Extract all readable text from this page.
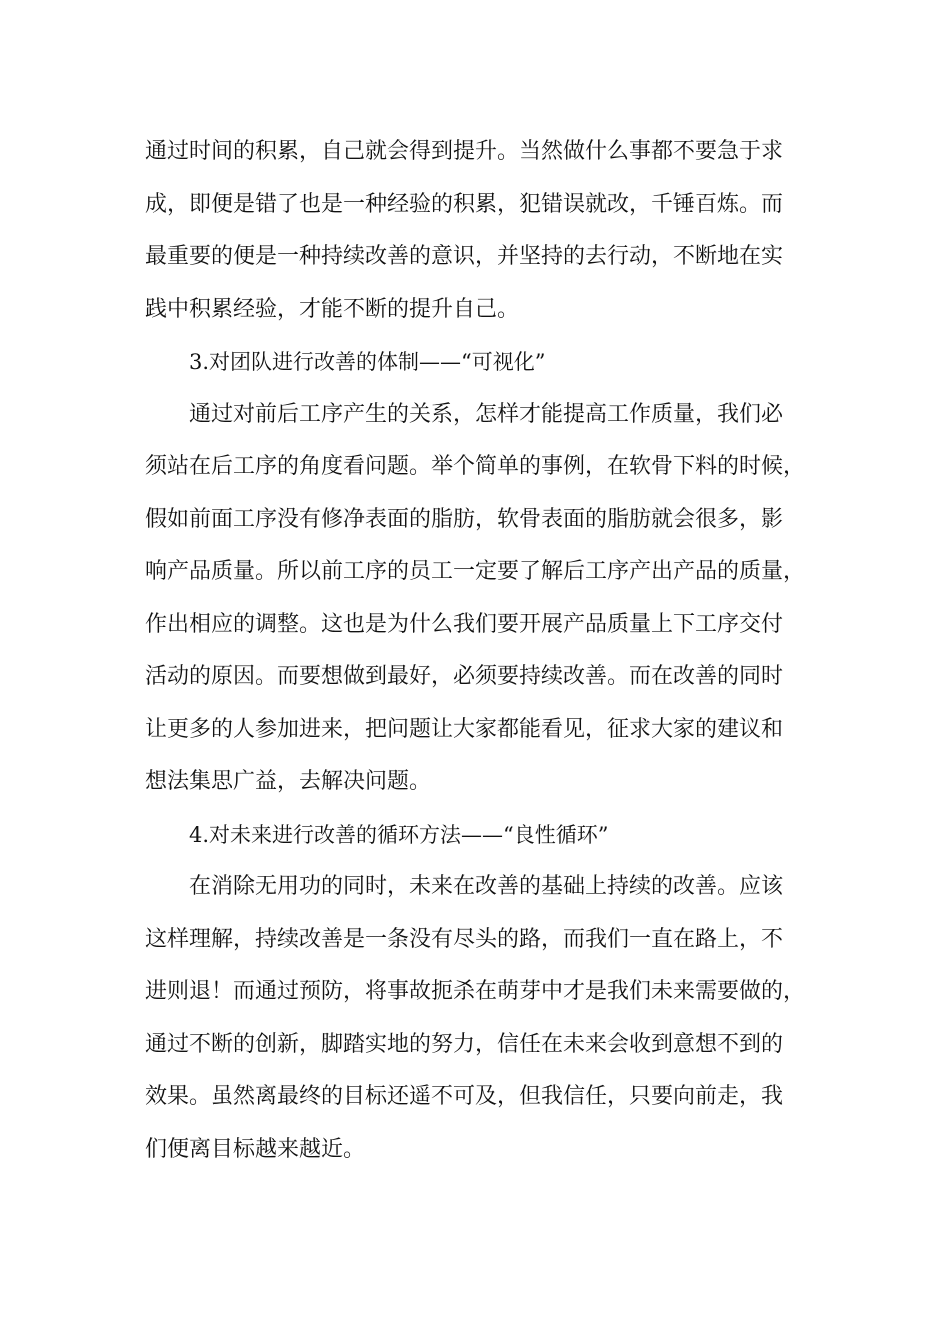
通过时间的积累，自己就会得到提升。当然做什么事都不要急于求
成，即便是错了也是一种经验的积累，犯错误就改，千锤百炼。而
最重要的便是一种持续改善的意识，并坚持的去行动，不断地在实
践中积累经验，才能不断的提升自己。
3.对团队进行改善的体制——“可视化”
通过对前后工序产生的关系，怎样才能提高工作质量，我们必
须站在后工序的角度看问题。举个简单的事例，在软骨下料的时候，
假如前面工序没有修净表面的脂肪，软骨表面的脂肪就会很多，影
响产品质量。所以前工序的员工一定要了解后工序产出产品的质量，
作出相应的调整。这也是为什么我们要开展产品质量上下工序交付
活动的原因。而要想做到最好，必须要持续改善。而在改善的同时
让更多的人参加进来，把问题让大家都能看见，征求大家的建议和
想法集思广益，去解决问题。
4.对未来进行改善的循环方法——“良性循环”
在消除无用功的同时，未来在改善的基础上持续的改善。应该
这样理解，持续改善是一条没有尽头的路，而我们一直在路上，不
进则退！而通过预防，将事故扼杀在萌芽中才是我们未来需要做的，
通过不断的创新，脚踏实地的努力，信任在未来会收到意想不到的
效果。虽然离最终的目标还遥不可及，但我信任，只要向前走，我
们便离目标越来越近。
